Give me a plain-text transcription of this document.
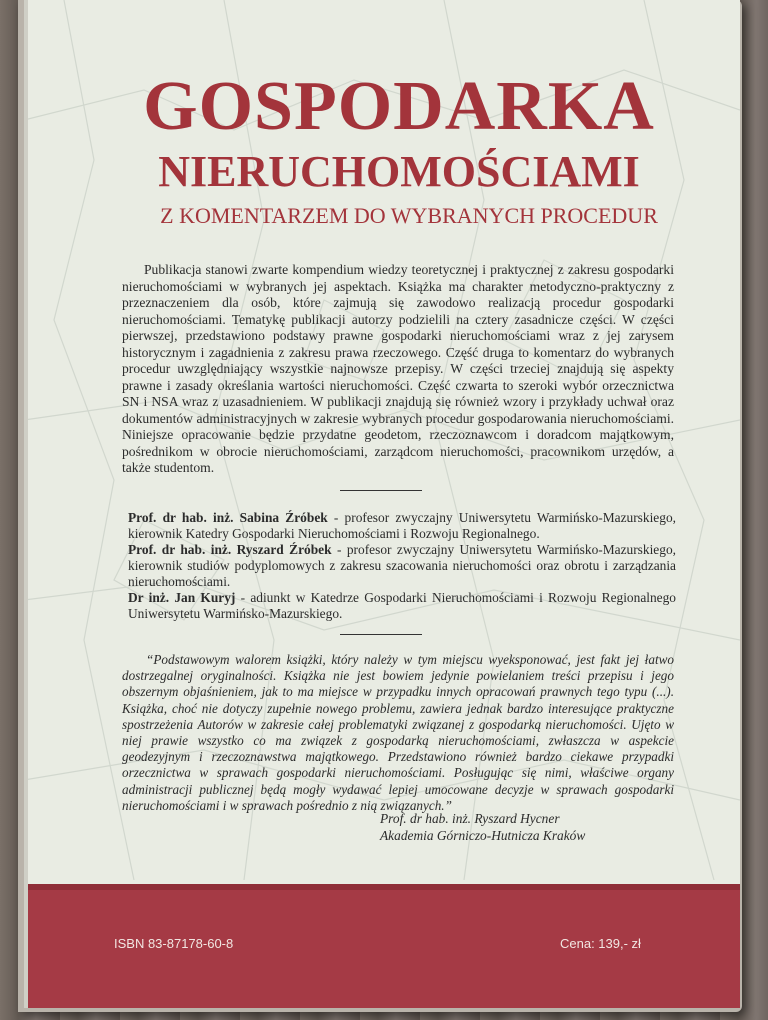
GOSPODARKA
NIERUCHOMOŚCIAMI
Z KOMENTARZEM DO WYBRANYCH PROCEDUR

Publikacja stanowi zwarte kompendium wiedzy teoretycznej i praktycznej z zakresu gospodarki nieruchomościami w wybranych jej aspektach. Książka ma charakter metodyczno-praktyczny z przeznaczeniem dla osób, które zajmują się zawodowo realizacją procedur gospodarki nieruchomościami. Tematykę publikacji autorzy podzielili na cztery zasadnicze części. W części pierwszej, przedstawiono podstawy prawne gospodarki nieruchomościami wraz z jej zarysem historycznym i zagadnienia z zakresu prawa rzeczowego. Część druga to komentarz do wybranych procedur uwzględniający wszystkie najnowsze przepisy. W części trzeciej znajdują się aspekty prawne i zasady określania wartości nieruchomości. Część czwarta to szeroki wybór orzecznictwa SN i NSA wraz z uzasadnieniem. W publikacji znajdują się również wzory i przykłady uchwał oraz dokumentów administracyjnych w zakresie wybranych procedur gospodarowania nieruchomościami. Niniejsze opracowanie będzie przydatne geodetom, rzeczoznawcom i doradcom majątkowym, pośrednikom w obrocie nieruchomościami, zarządcom nieruchomości, pracownikom urzędów, a także studentom.

Prof. dr hab. inż. Sabina Źróbek - profesor zwyczajny Uniwersytetu Warmińsko-Mazurskiego, kierownik Katedry Gospodarki Nieruchomościami i Rozwoju Regionalnego.

Prof. dr hab. inż. Ryszard Źróbek - profesor zwyczajny Uniwersytetu Warmińsko-Mazurskiego, kierownik studiów podyplomowych z zakresu szacowania nieruchomości oraz obrotu i zarządzania nieruchomościami.

Dr inż. Jan Kuryj - adiunkt w Katedrze Gospodarki Nieruchomościami i Rozwoju Regionalnego Uniwersytetu Warmińsko-Mazurskiego.

“Podstawowym walorem książki, który należy w tym miejscu wyeksponować, jest fakt jej łatwo dostrzegalnej oryginalności. Książka nie jest bowiem jedynie powielaniem treści przepisu i jego obszernym objaśnieniem, jak to ma miejsce w przypadku innych opracowań prawnych tego typu (...). Książka, choć nie dotyczy zupełnie nowego problemu, zawiera jednak bardzo interesujące praktyczne spostrzeżenia Autorów w zakresie całej problematyki związanej z gospodarką nieruchomości. Ujęto w niej prawie wszystko co ma związek z gospodarką nieruchomościami, zwłaszcza w aspekcie geodezyjnym i rzeczoznawstwa majątkowego. Przedstawiono również bardzo ciekawe przypadki orzecznictwa w sprawach gospodarki nieruchomościami. Posługując się nimi, właściwe organy administracji publicznej będą mogły wydawać lepiej umocowane decyzje w sprawach gospodarki nieruchomościami i w sprawach pośrednio z nią związanych.”

Prof. dr hab. inż. Ryszard Hycner
Akademia Górniczo-Hutnicza Kraków
ISBN 83-87178-60-8	Cena: 139,- zł
